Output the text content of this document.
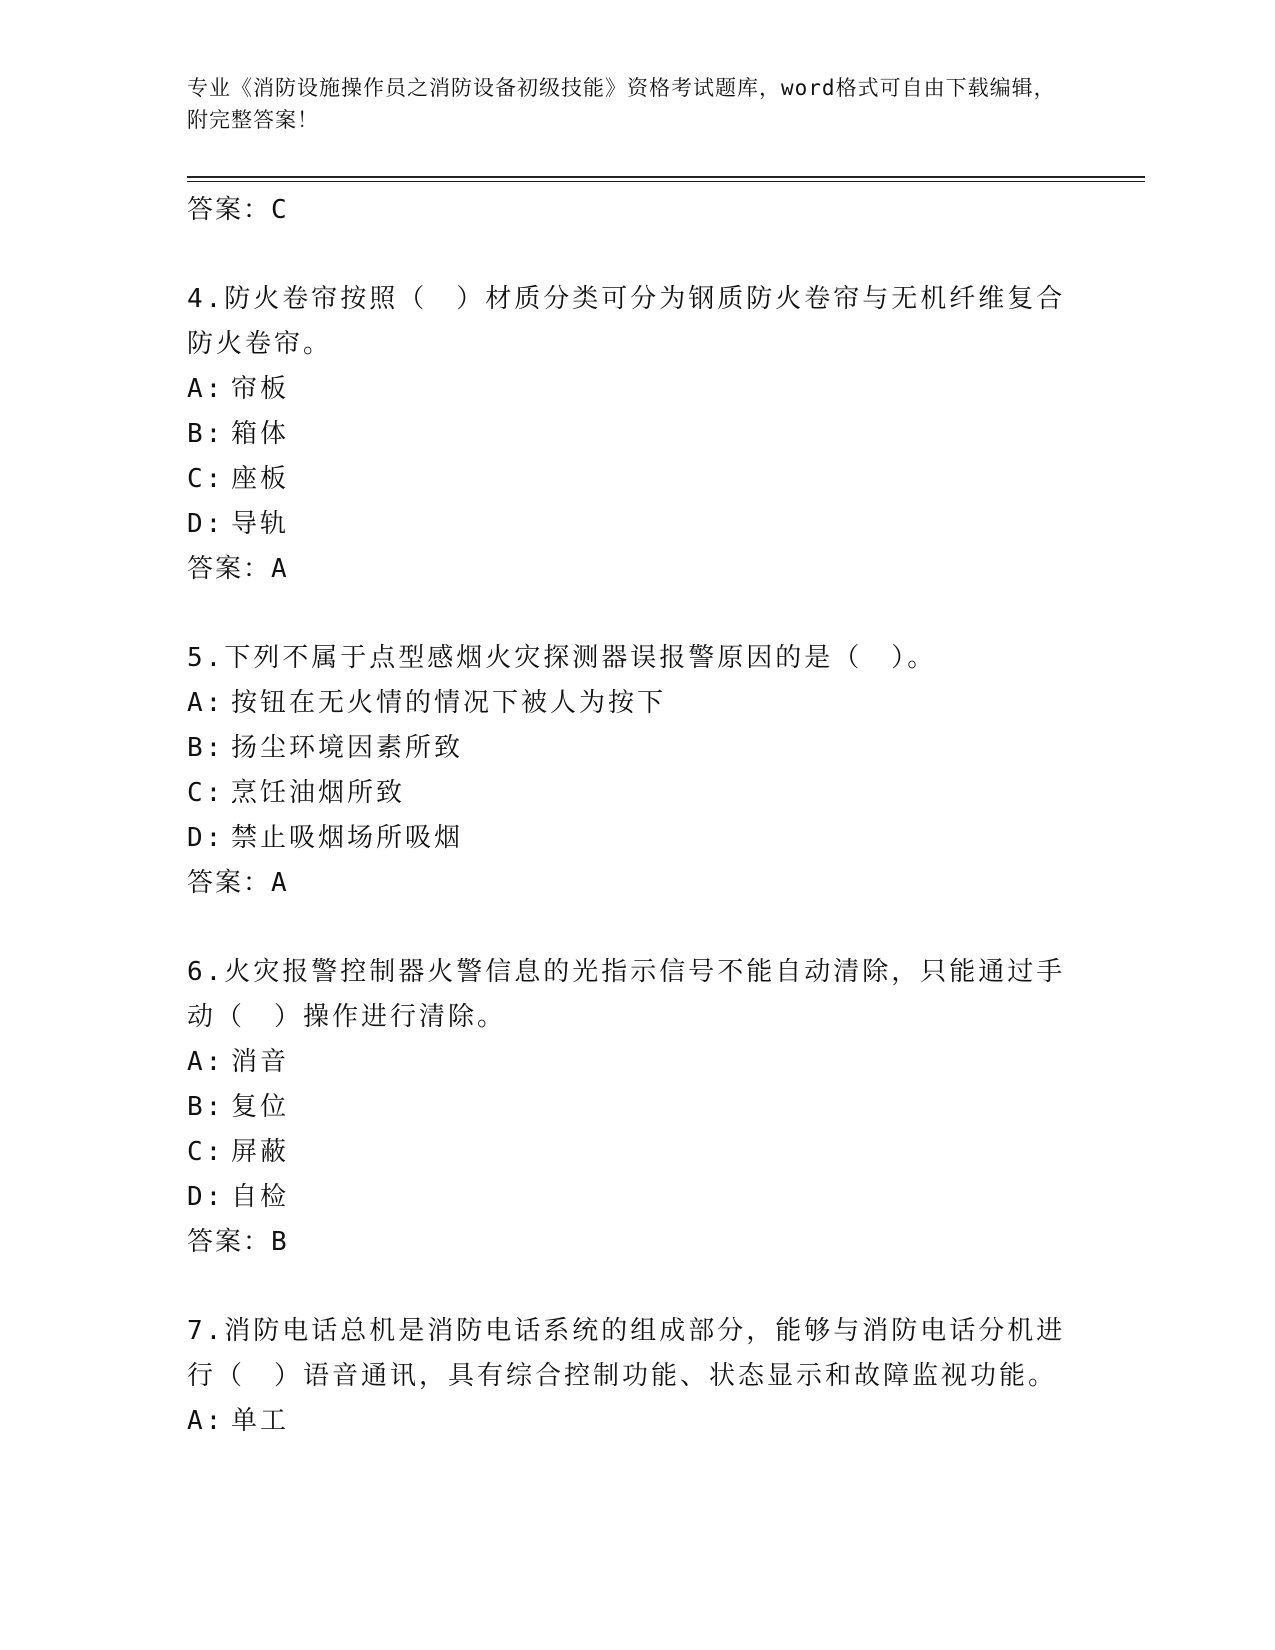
专业《消防设施操作员之消防设备初级技能》资格考试题库，word格式可自由下载编辑，附完整答案！

答案：C

4.防火卷帘按照（　）材质分类可分为钢质防火卷帘与无机纤维复合防火卷帘。

A: 帘板

B: 箱体

C: 座板

D: 导轨

答案：A

5.下列不属于点型感烟火灾探测器误报警原因的是（　）。

A: 按钮在无火情的情况下被人为按下

B: 扬尘环境因素所致

C: 烹饪油烟所致

D: 禁止吸烟场所吸烟

答案：A

6.火灾报警控制器火警信息的光指示信号不能自动清除，只能通过手动（　）操作进行清除。

A: 消音

B: 复位

C: 屏蔽

D: 自检

答案：B

7.消防电话总机是消防电话系统的组成部分，能够与消防电话分机进行（　）语音通讯，具有综合控制功能、状态显示和故障监视功能。

A: 单工
